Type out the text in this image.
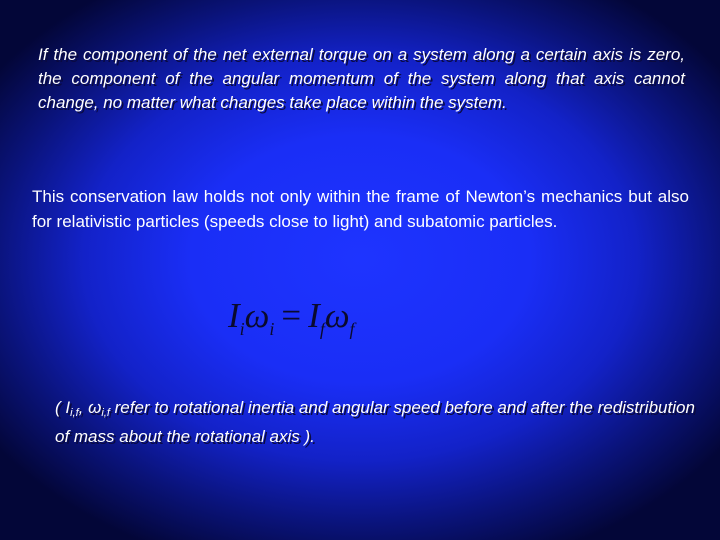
If the component of the net external torque on a system along a certain axis is zero, the component of the angular momentum of the system along that axis cannot change, no matter what changes take place within the system.
This conservation law holds not only within the frame of Newton’s mechanics but also for relativistic particles (speeds close to light) and subatomic particles.
$I_i\omega_i = I_f\omega_f$
( Ii,f, ωi,f refer to rotational inertia and angular speed before and after the redistribution of mass about the rotational axis ).
